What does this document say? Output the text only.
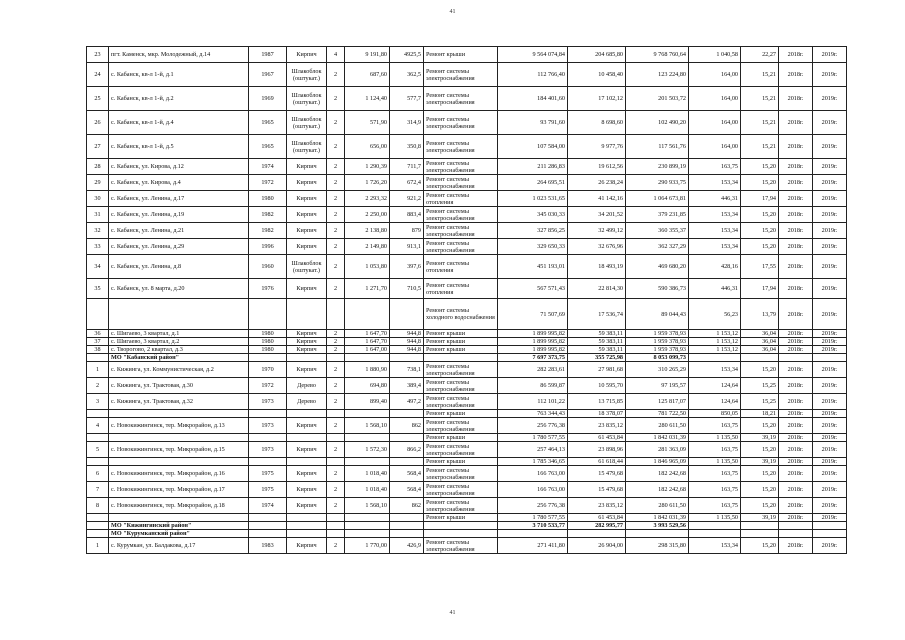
41
23	пгт. Каменск, мкр. Молодежный, д.14	1987	Кирпич	4	9 191,80	4925,5	Ремонт крыши	9 564 074,84	204 685,80	9 768 760,64	1 040,58	22,27	2018г.	2019г.
24	с. Кабанск, кв-л 1-й, д.1	1967	Шлакоблок (оштукат.)	2	687,60	362,5	Ремонт системы электроснабжения	112 766,40	10 458,40	123 224,80	164,00	15,21	2018г.	2019г.
25	с. Кабанск, кв-л 1-й, д.2	1969	Шлакоблок (оштукат.)	2	1 124,40	577,7	Ремонт системы электроснабжения	184 401,60	17 102,12	201 503,72	164,00	15,21	2018г.	2019г.
26	с. Кабанск, кв-л 1-й, д.4	1965	Шлакоблок (оштукат.)	2	571,90	314,9	Ремонт системы электроснабжения	93 791,60	8 698,60	102 490,20	164,00	15,21	2018г.	2019г.
27	с. Кабанск, кв-л 1-й, д.5	1965	Шлакоблок (оштукат.)	2	656,00	350,8	Ремонт системы электроснабжения	107 584,00	9 977,76	117 561,76	164,00	15,21	2018г.	2019г.
28	с. Кабанск, ул. Кирова, д.12	1974	Кирпич	2	1 290,39	711,7	Ремонт системы электроснабжения	211 286,83	19 612,56	230 899,19	163,75	15,20	2018г.	2019г.
29	с. Кабанск, ул. Кирова, д.4	1972	Кирпич	2	1 726,20	672,4	Ремонт системы электроснабжения	264 695,51	26 238,24	290 933,75	153,34	15,20	2018г.	2019г.
30	с. Кабанск, ул. Ленина, д.17	1980	Кирпич	2	2 293,32	921,2	Ремонт системы отопления	1 023 531,65	41 142,16	1 064 673,81	446,31	17,94	2018г.	2019г.
31	с. Кабанск, ул. Ленина, д.19	1982	Кирпич	2	2 250,00	883,4	Ремонт системы электроснабжения	345 030,33	34 201,52	379 231,85	153,34	15,20	2018г.	2019г.
32	с. Кабанск, ул. Ленина, д.21	1982	Кирпич	2	2 138,80	879	Ремонт системы электроснабжения	327 856,25	32 499,12	360 355,37	153,34	15,20	2018г.	2019г.
33	с. Кабанск, ул. Ленина, д.29	1996	Кирпич	2	2 149,80	913,1	Ремонт системы электроснабжения	329 650,33	32 676,96	362 327,29	153,34	15,20	2018г.	2019г.
34	с. Кабанск, ул. Ленина, д.8	1960	Шлакоблок (оштукат.)	2	1 053,80	397,6	Ремонт системы отопления	451 193,01	18 493,19	469 680,20	428,16	17,55	2018г.	2019г.
35	с. Кабанск, ул. 8 марта, д.20	1976	Кирпич	2	1 271,70	710,5	Ремонт системы отопления	567 571,43	22 814,30	590 386,73	446,31	17,94	2018г.	2019г.
							Ремонт системы холодного водоснабжения	71 507,69	17 536,74	89 044,43	56,23	13,79	2018г.	2019г.
36	с. Шигаево, 3 квартал, д.1	1980	Кирпич	2	1 647,70	944,8	Ремонт крыши	1 899 995,82	59 383,11	1 959 378,93	1 153,12	36,04	2018г.	2019г.
37	с. Шигаево, 3 квартал, д.2	1980	Кирпич	2	1 647,70	944,8	Ремонт крыши	1 899 995,82	59 383,11	1 959 378,93	1 153,12	36,04	2018г.	2019г.
38	с. Творогово, 2 квартал, д.3	1980	Кирпич	2	1 647,00	944,8	Ремонт крыши	1 899 995,82	59 383,11	1 959 378,93	1 153,12	36,04	2018г.	2019г.
	МО "Кабанский район"							7 697 373,75	355 725,98	8 053 099,73				
1	с. Кижинга, ул. Коммунистическая, д.2	1970	Кирпич	2	1 880,90	738,1	Ремонт системы электроснабжения	282 283,61	27 981,68	310 265,29	153,34	15,20	2018г.	2019г.
2	с. Кижинга, ул. Трактовая, д.30	1972	Дерево	2	694,80	389,4	Ремонт системы электроснабжения	86 599,87	10 595,70	97 195,57	124,64	15,25	2018г.	2019г.
3	с. Кижинга, ул. Трактовая, д.32	1973	Дерево	2	899,40	497,2	Ремонт системы электроснабжения	112 101,22	13 715,85	125 817,07	124,64	15,25	2018г.	2019г.
							Ремонт крыши	763 344,43	18 378,07	781 722,50	850,05	18,21	2018г.	2019г.
4	с. Новокижингинск, тер. Микрорайон, д.13	1973	Кирпич	2	1 568,10	862	Ремонт системы электроснабжения	256 776,38	23 835,12	280 611,50	163,75	15,20	2018г.	2019г.
							Ремонт крыши	1 780 577,55	61 453,84	1 842 031,39	1 135,50	39,19	2018г.	2019г.
5	с. Новокижингинск, тер. Микрорайон, д.15	1973	Кирпич	2	1 572,30	866,2	Ремонт системы электроснабжения	257 464,13	23 898,96	281 363,09	163,75	15,20	2018г.	2019г.
							Ремонт крыши	1 785 346,65	61 618,44	1 846 965,09	1 135,50	39,19	2018г.	2019г.
6	с. Новокижингинск, тер. Микрорайон, д.16	1975	Кирпич	2	1 018,40	568,4	Ремонт системы электроснабжения	166 763,00	15 479,68	182 242,68	163,75	15,20	2018г.	2019г.
7	с. Новокижингинск, тер. Микрорайон, д.17	1975	Кирпич	2	1 018,40	568,4	Ремонт системы электроснабжения	166 763,00	15 479,68	182 242,68	163,75	15,20	2018г.	2019г.
8	с. Новокижингинск, тер. Микрорайон, д.18	1974	Кирпич	2	1 568,10	862	Ремонт системы электроснабжения	256 776,38	23 835,12	280 611,50	163,75	15,20	2018г.	2019г.
							Ремонт крыши	1 780 577,55	61 453,84	1 842 031,39	1 135,50	39,19	2018г.	2019г.
	МО "Кижингинский район"							3 710 533,77	282 995,77	3 993 529,56				
	МО "Курумканский район"													
1	с. Курумкан, ул. Балдакова, д.17	1983	Кирпич	2	1 770,00	426,9	Ремонт системы электроснабжения	271 411,80	26 904,00	298 315,80	153,34	15,20	2018г.	2019г.
41
